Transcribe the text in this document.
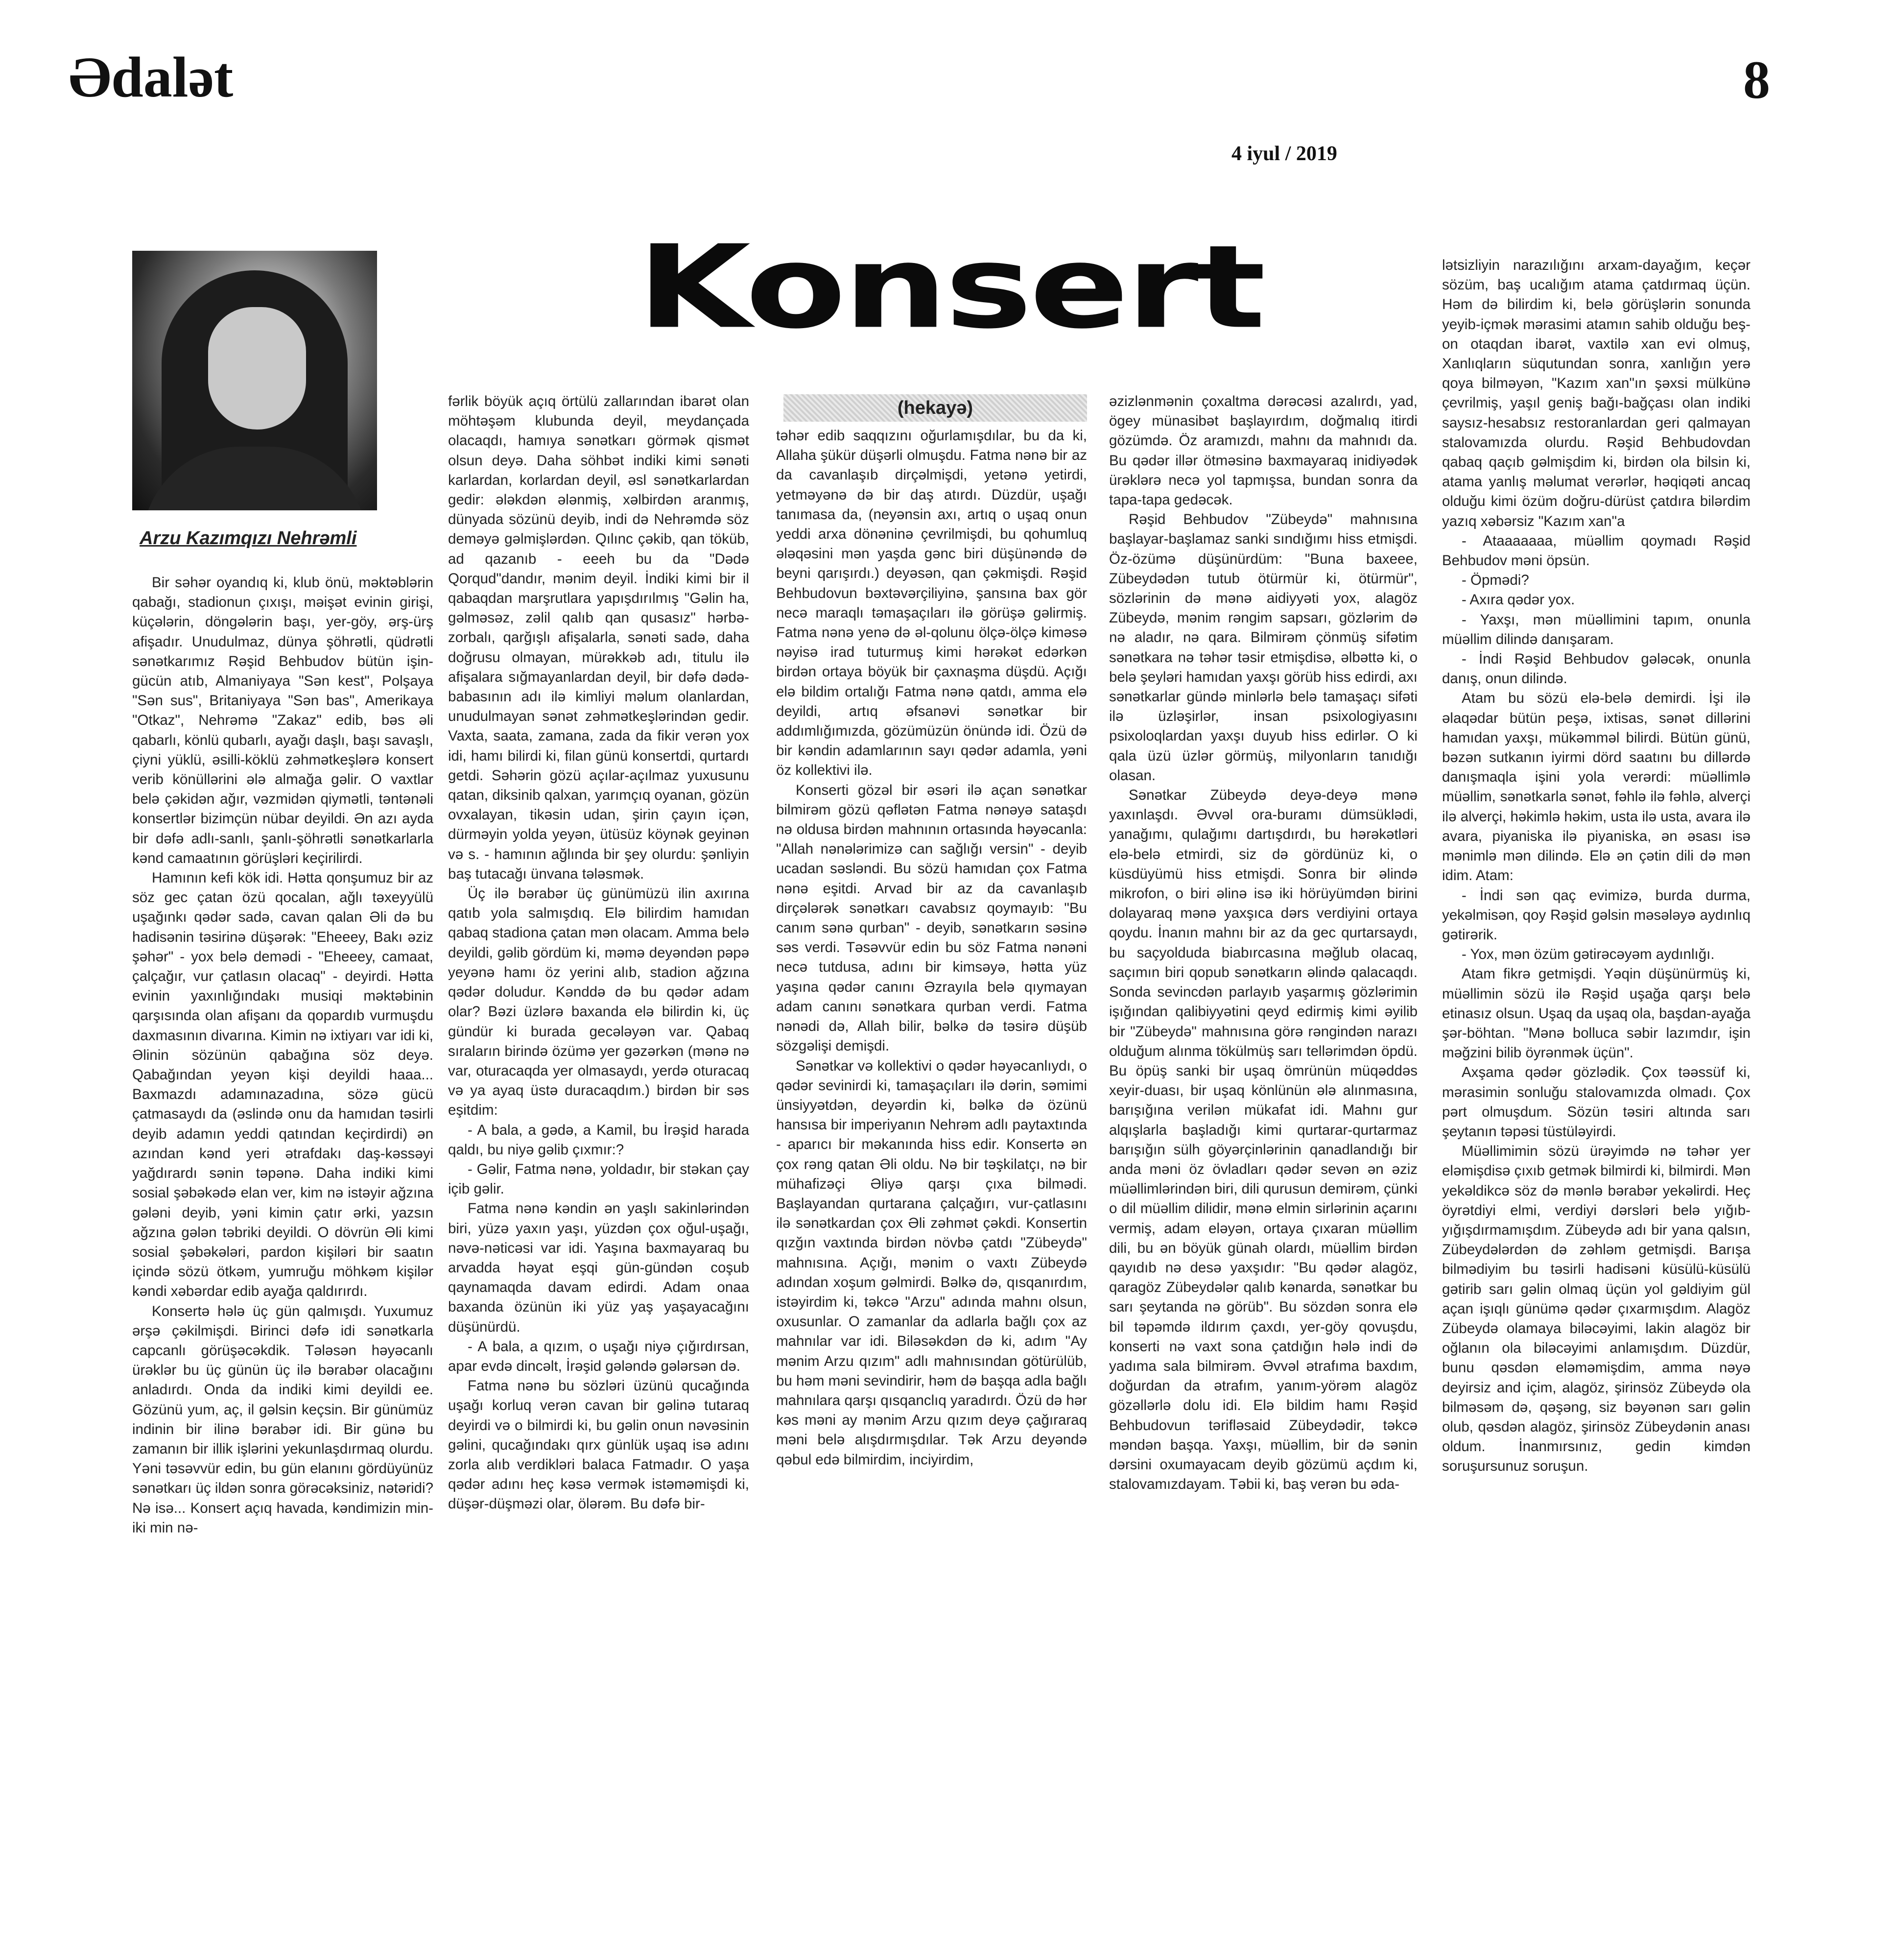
Ədalət	8
4 iyul / 2019
Arzu Kazımqızı Nehrəmli
Konsert
(hekayə)

Bir səhər oyandıq ki, klub önü, məktəblərin qabağı, stadionun çıxışı, məişət evinin girişi, küçələrin, döngələrin başı, yer-göy, ərş-ürş afişadır. Unudulmaz, dünya şöhrətli, qüdrətli sənətkarımız Rəşid Behbudov bütün işin-gücün atıb, Almaniyaya "Sən kest", Polşaya "Sən sus", Britaniyaya "Sən bas", Amerikaya "Otkaz", Nehrəmə "Zakaz" edib, bəs əli qabarlı, könlü qubarlı, ayağı daşlı, başı savaşlı, çiyni yüklü, əsilli-köklü zəhmətkeşlərə konsert verib könüllərini ələ almağa gəlir. O vaxtlar belə çəkidən ağır, vəzmidən qiymətli, təntənəli konsertlər bizimçün nübar deyildi. Ən azı ayda bir dəfə adlı-sanlı, şanlı-şöhrətli sənətkarlarla kənd camaatının görüşləri keçirilirdi.

Hamının kefi kök idi. Hətta qonşumuz bir az söz gec çatan özü qocalan, ağlı təxeyyülü uşağınkı qədər sadə, cavan qalan Əli də bu hadisənin təsirinə düşərək: "Eheeey, Bakı əziz şəhər" - yox belə demədi - "Eheeey, camaat, çalçağır, vur çatlasın olacaq" - deyirdi. Hətta evinin yaxınlığındakı musiqi məktəbinin qarşısında olan afişanı da qopardıb vurmuşdu daxmasının divarına. Kimin nə ixtiyarı var idi ki, Əlinin sözünün qabağına söz deyə. Qabağından yeyən kişi deyildi haaa... Baxmazdı adamınazadına, sözə gücü çatmasaydı da (əslində onu da hamıdan təsirli deyib adamın yeddi qatından keçirdirdi) ən azından kənd yeri ətrafdakı daş-kəssəyi yağdırardı sənin təpənə. Daha indiki kimi sosial şəbəkədə elan ver, kim nə istəyir ağzına gələni deyib, yəni kimin çatır ərki, yazsın ağzına gələn təbriki deyildi. O dövrün Əli kimi sosial şəbəkələri, pardon kişiləri bir saatın içində sözü ötkəm, yumruğu möhkəm kişilər kəndi xəbərdar edib ayağa qaldırırdı.

Konsertə hələ üç gün qalmışdı. Yuxumuz ərşə çəkilmişdi. Birinci dəfə idi sənətkarla capcanlı görüşəcəkdik. Tələsən həyəcanlı ürəklər bu üç günün üç ilə bərabər olacağını anladırdı. Onda da indiki kimi deyildi ee. Gözünü yum, aç, il gəlsin keçsin. Bir günümüz indinin bir ilinə bərabər idi. Bir günə bu zamanın bir illik işlərini yekunlaşdırmaq olurdu. Yəni təsəvvür edin, bu gün elanını gördüyünüz sənətkarı üç ildən sonra görəcəksiniz, nətəridi? Nə isə... Konsert açıq havada, kəndimizin min-iki min nə-

fərlik böyük açıq örtülü zallarından ibarət olan möhtəşəm klubunda deyil, meydançada olacaqdı, hamıya sənətkarı görmək qismət olsun deyə. Daha söhbət indiki kimi sənəti karlardan, korlardan deyil, əsl sənətkarlardan gedir: ələkdən ələnmiş, xəlbirdən aranmış, dünyada sözünü deyib, indi də Nehrəmdə söz deməyə gəlmişlərdən. Qılınc çəkib, qan töküb, ad qazanıb - eeeh bu da "Dədə Qorqud"dandır, mənim deyil. İndiki kimi bir il qabaqdan marşrutlara yapışdırılmış "Gəlin ha, gəlməsəz, zəlil qalıb qan qusasız" hərbə-zorbalı, qarğışlı afişalarla, sənəti sadə, daha doğrusu olmayan, mürəkkəb adı, titulu ilə afişalara sığmayanlardan deyil, bir dəfə dədə-babasının adı ilə kimliyi məlum olanlardan, unudulmayan sənət zəhmətkeşlərindən gedir. Vaxta, saata, zamana, zada da fikir verən yox idi, hamı bilirdi ki, filan günü konsertdi, qurtardı getdi. Səhərin gözü açılar-açılmaz yuxusunu qatan, diksinib qalxan, yarımçıq oyanan, gözün ovxalayan, tikəsin udan, şirin çayın içən, dürməyin yolda yeyən, ütüsüz köynək geyinən və s. - hamının ağlında bir şey olurdu: şənliyin baş tutacağı ünvana tələsmək.

Üç ilə bərabər üç günümüzü ilin axırına qatıb yola salmışdıq. Elə bilirdim hamıdan qabaq stadiona çatan mən olacam. Amma belə deyildi, gəlib gördüm ki, məmə deyəndən pəpə yeyənə hamı öz yerini alıb, stadion ağzına qədər doludur. Kənddə də bu qədər adam olar? Bəzi üzlərə baxanda elə bilirdin ki, üç gündür ki burada gecələyən var. Qabaq sıraların birində özümə yer gəzərkən (mənə nə var, oturacaqda yer olmasaydı, yerdə oturacaq və ya ayaq üstə duracaqdım.) birdən bir səs eşitdim:

- A bala, a gədə, a Kamil, bu İrəşid harada qaldı, bu niyə gəlib çıxmır:?

- Gəlir, Fatma nənə, yoldadır, bir stəkan çay içib gəlir.

Fatma nənə kəndin ən yaşlı sakinlərindən biri, yüzə yaxın yaşı, yüzdən çox oğul-uşağı, nəvə-nəticəsi var idi. Yaşına baxmayaraq bu arvadda həyat eşqi gün-gündən coşub qaynamaqda davam edirdi. Adam onaa baxanda özünün iki yüz yaş yaşayacağını düşünürdü.

- A bala, a qızım, o uşağı niyə çığırdırsan, apar evdə dincəlt, İrəşid gələndə gələrsən də.

Fatma nənə bu sözləri üzünü qucağında uşağı korluq verən cavan bir gəlinə tutaraq deyirdi və o bilmirdi ki, bu gəlin onun nəvəsinin gəlini, qucağındakı qırx günlük uşaq isə adını zorla alıb verdikləri balaca Fatmadır. O yaşa qədər adını heç kəsə vermək istəməmişdi ki, düşər-düşməzi olar, ölərəm. Bu dəfə bir-

təhər edib saqqızını oğurlamışdılar, bu da ki, Allaha şükür düşərli olmuşdu. Fatma nənə bir az da cavanlaşıb dirçəlmişdi, yetənə yetirdi, yetməyənə də bir daş atırdı. Düzdür, uşağı tanımasa da, (neyənsin axı, artıq o uşaq onun yeddi arxa dönəninə çevrilmişdi, bu qohumluq ələqəsini mən yaşda gənc biri düşünəndə də beyni qarışırdı.) deyəsən, qan çəkmişdi. Rəşid Behbudovun bəxtəvərçiliyinə, şansına bax gör necə maraqlı təmaşaçıları ilə görüşə gəlirmiş. Fatma nənə yenə də əl-qolunu ölçə-ölçə kiməsə nəyisə irad tuturmuş kimi hərəkət edərkən birdən ortaya böyük bir çaxnaşma düşdü. Açığı elə bildim ortalığı Fatma nənə qatdı, amma elə deyildi, artıq əfsanəvi sənətkar bir addımlığımızda, gözümüzün önündə idi. Özü də bir kəndin adamlarının sayı qədər adamla, yəni öz kollektivi ilə.

Konserti gözəl bir əsəri ilə açan sənətkar bilmirəm gözü qəflətən Fatma nənəyə sataşdı nə oldusa birdən mahnının ortasında həyəcanla: "Allah nənələrimizə can sağlığı versin" - deyib ucadan səsləndi. Bu sözü hamıdan çox Fatma nənə eşitdi. Arvad bir az da cavanlaşıb dirçələrək sənətkarı cavabsız qoymayıb: "Bu canım sənə qurban" - deyib, sənətkarın səsinə səs verdi. Təsəvvür edin bu söz Fatma nənəni necə tutdusa, adını bir kimsəyə, hətta yüz yaşına qədər canını Əzrayıla belə qıymayan adam canını sənətkara qurban verdi. Fatma nənədi də, Allah bilir, bəlkə də təsirə düşüb sözgəlişi demişdi.

Sənətkar və kollektivi o qədər həyəcanlıydı, o qədər sevinirdi ki, tamaşaçıları ilə dərin, səmimi ünsiyyətdən, deyərdin ki, bəlkə də özünü hansısa bir imperiyanın Nehrəm adlı paytaxtında - aparıcı bir məkanında hiss edir. Konsertə ən çox rəng qatan Əli oldu. Nə bir təşkilatçı, nə bir mühafizəçi Əliyə qarşı çıxa bilmədi. Başlayandan qurtarana çalçağırı, vur-çatlasını ilə sənətkardan çox Əli zəhmət çəkdi. Konsertin qızğın vaxtında birdən növbə çatdı "Zübeydə" mahnısına. Açığı, mənim o vaxtı Zübeydə adından xoşum gəlmirdi. Bəlkə də, qısqanırdım, istəyirdim ki, təkcə "Arzu" adında mahnı olsun, oxusunlar. O zamanlar da adlarla bağlı çox az mahnılar var idi. Biləsəkdən də ki, adım "Ay mənim Arzu qızım" adlı mahnısından götürülüb, bu həm məni sevindirir, həm də başqa adla bağlı mahnılara qarşı qısqanclıq yaradırdı. Özü də hər kəs məni ay mənim Arzu qızım deyə çağıraraq məni belə alışdırmışdılar. Tək Arzu deyəndə qəbul edə bilmirdim, inciyirdim,

əzizlənmənin çoxaltma dərəcəsi azalırdı, yad, ögey münasibət başlayırdım, doğmalıq itirdi gözümdə. Öz aramızdı, mahnı da mahnıdı da. Bu qədər illər ötməsinə baxmayaraq inidiyədək ürəklərə necə yol tapmışsa, bundan sonra da tapa-tapa gedəcək.

Rəşid Behbudov "Zübeydə" mahnısına başlayar-başlamaz sanki sındığımı hiss etmişdi. Öz-özümə düşünürdüm: "Buna baxeee, Zübeydədən tutub ötürmür ki, ötürmür", sözlərinin də mənə aidiyyəti yox, alagöz Zübeydə, mənim rəngim sapsarı, gözlərim də nə aladır, nə qara. Bilmirəm çönmüş sifətim sənətkara nə təhər təsir etmişdisə, əlbəttə ki, o belə şeyləri hamıdan yaxşı görüb hiss edirdi, axı sənətkarlar gündə minlərlə belə tamaşaçı sifəti ilə üzləşirlər, insan psixologiyasını psixoloqlardan yaxşı duyub hiss edirlər. O ki qala üzü üzlər görmüş, milyonların tanıdığı olasan.

Sənətkar Zübeydə deyə-deyə mənə yaxınlaşdı. Əvvəl ora-buramı dümsüklədi, yanağımı, qulağımı dartışdırdı, bu hərəkətləri elə-belə etmirdi, siz də gördünüz ki, o küsdüyümü hiss etmişdi. Sonra bir əlində mikrofon, o biri əlinə isə iki hörüyümdən birini dolayaraq mənə yaxşıca dərs verdiyini ortaya qoydu. İnanın mahnı bir az da gec qurtarsaydı, bu saçyolduda biabırcasına məğlub olacaq, saçımın biri qopub sənətkarın əlində qalacaqdı. Sonda sevincdən parlayıb yaşarmış gözlərimin işığından qalibiyyətini qeyd edirmiş kimi əyilib bir "Zübeydə" mahnısına görə rəngindən narazı olduğum alınma tökülmüş sarı tellərimdən öpdü. Bu öpüş sanki bir uşaq ömrünün müqəddəs xeyir-duası, bir uşaq könlünün ələ alınmasına, barışığına verilən mükafat idi. Mahnı gur alqışlarla başladığı kimi qurtarar-qurtarmaz barışığın sülh göyərçinlərinin qanadlandığı bir anda məni öz övladları qədər sevən ən əziz müəllimlərindən biri, dili qurusun demirəm, çünki o dil müəllim dilidir, mənə elmin sirlərinin açarını vermiş, adam eləyən, ortaya çıxaran müəllim dili, bu ən böyük günah olardı, müəllim birdən qayıdıb nə desə yaxşıdır: "Bu qədər alagöz, qaragöz Zübeydələr qalıb kənarda, sənətkar bu sarı şeytanda nə görüb". Bu sözdən sonra elə bil təpəmdə ildırım çaxdı, yer-göy qovuşdu, konserti nə vaxt sona çatdığın hələ indi də yadıma sala bilmirəm. Əvvəl ətrafıma baxdım, doğurdan da ətrafım, yanım-yörəm alagöz gözəllərlə dolu idi. Elə bildim hamı Rəşid Behbudovun tərifləsaid Zübeydədir, təkcə məndən başqa. Yaxşı, müəllim, bir də sənin dərsini oxumayacam deyib gözümü açdım ki, stalovamızdayam. Təbii ki, baş verən bu əda-

lətsizliyin narazılığını arxam-dayağım, keçər sözüm, baş ucalığım atama çatdırmaq üçün. Həm də bilirdim ki, belə görüşlərin sonunda yeyib-içmək mərasimi atamın sahib olduğu beş-on otaqdan ibarət, vaxtilə xan evi olmuş, Xanlıqların süqutundan sonra, xanlığın yerə qoya bilməyən, "Kazım xan"ın şəxsi mülkünə çevrilmiş, yaşıl geniş bağı-bağçası olan indiki saysız-hesabsız restoranlardan geri qalmayan stalovamızda olurdu. Rəşid Behbudovdan qabaq qaçıb gəlmişdim ki, birdən ola bilsin ki, atama yanlış məlumat verərlər, həqiqəti ancaq olduğu kimi özüm doğru-dürüst çatdıra bilərdim yazıq xəbərsiz "Kazım xan"a

- Ataaaaaaa, müəllim qoymadı Rəşid Behbudov məni öpsün.

- Öpmədi?

- Axıra qədər yox.

- Yaxşı, mən müəllimini tapım, onunla müəllim dilində danışaram.

- İndi Rəşid Behbudov gələcək, onunla danış, onun dilində.

Atam bu sözü elə-belə demirdi. İşi ilə əlaqədar bütün peşə, ixtisas, sənət dillərini hamıdan yaxşı, mükəmməl bilirdi. Bütün günü, bəzən sutkanın iyirmi dörd saatını bu dillərdə danışmaqla işini yola verərdi: müəllimlə müəllim, sənətkarla sənət, fəhlə ilə fəhlə, alverçi ilə alverçi, həkimlə həkim, usta ilə usta, avara ilə avara, piyaniska ilə piyaniska, ən əsası isə mənimlə mən dilində. Elə ən çətin dili də mən idim. Atam:

- İndi sən qaç evimizə, burda durma, yekəlmisən, qoy Rəşid gəlsin məsələyə aydınlıq gətirərik.

- Yox, mən özüm gətirəcəyəm aydınlığı.

Atam fikrə getmişdi. Yəqin düşünürmüş ki, müəllimin sözü ilə Rəşid uşağa qarşı belə etinasız olsun. Uşaq da uşaq ola, başdan-ayağa şər-böhtan. "Mənə bolluca səbir lazımdır, işin məğzini bilib öyrənmək üçün".

Axşama qədər gözlədik. Çox təəssüf ki, mərasimin sonluğu stalovamızda olmadı. Çox pərt olmuşdum. Sözün təsiri altında sarı şeytanın təpəsi tüstüləyirdi.

Müəllimimin sözü ürəyimdə nə təhər yer eləmişdisə çıxıb getmək bilmirdi ki, bilmirdi. Mən yekəldikcə söz də mənlə bərabər yekəlirdi. Heç öyrətdiyi elmi, verdiyi dərsləri belə yığıb-yığışdırmamışdım. Zübeydə adı bir yana qalsın, Zübeydələrdən də zəhləm getmişdi. Barışa bilmədiyim bu təsirli hadisəni küsülü-küsülü gətirib sarı gəlin olmaq üçün yol gəldiyim gül açan işıqlı günümə qədər çıxarmışdım. Alagöz Zübeydə olamaya biləcəyimi, lakin alagöz bir oğlanın ola biləcəyimi anlamışdım. Düzdür, bunu qəsdən eləməmişdim, amma nəyə deyirsiz and içim, alagöz, şirinsöz Zübeydə ola bilməsəm də, qəşəng, siz bəyənən sarı gəlin olub, qəsdən alagöz, şirinsöz Zübeydənin anası oldum. İnanmırsınız, gedin kimdən soruşursunuz soruşun.
